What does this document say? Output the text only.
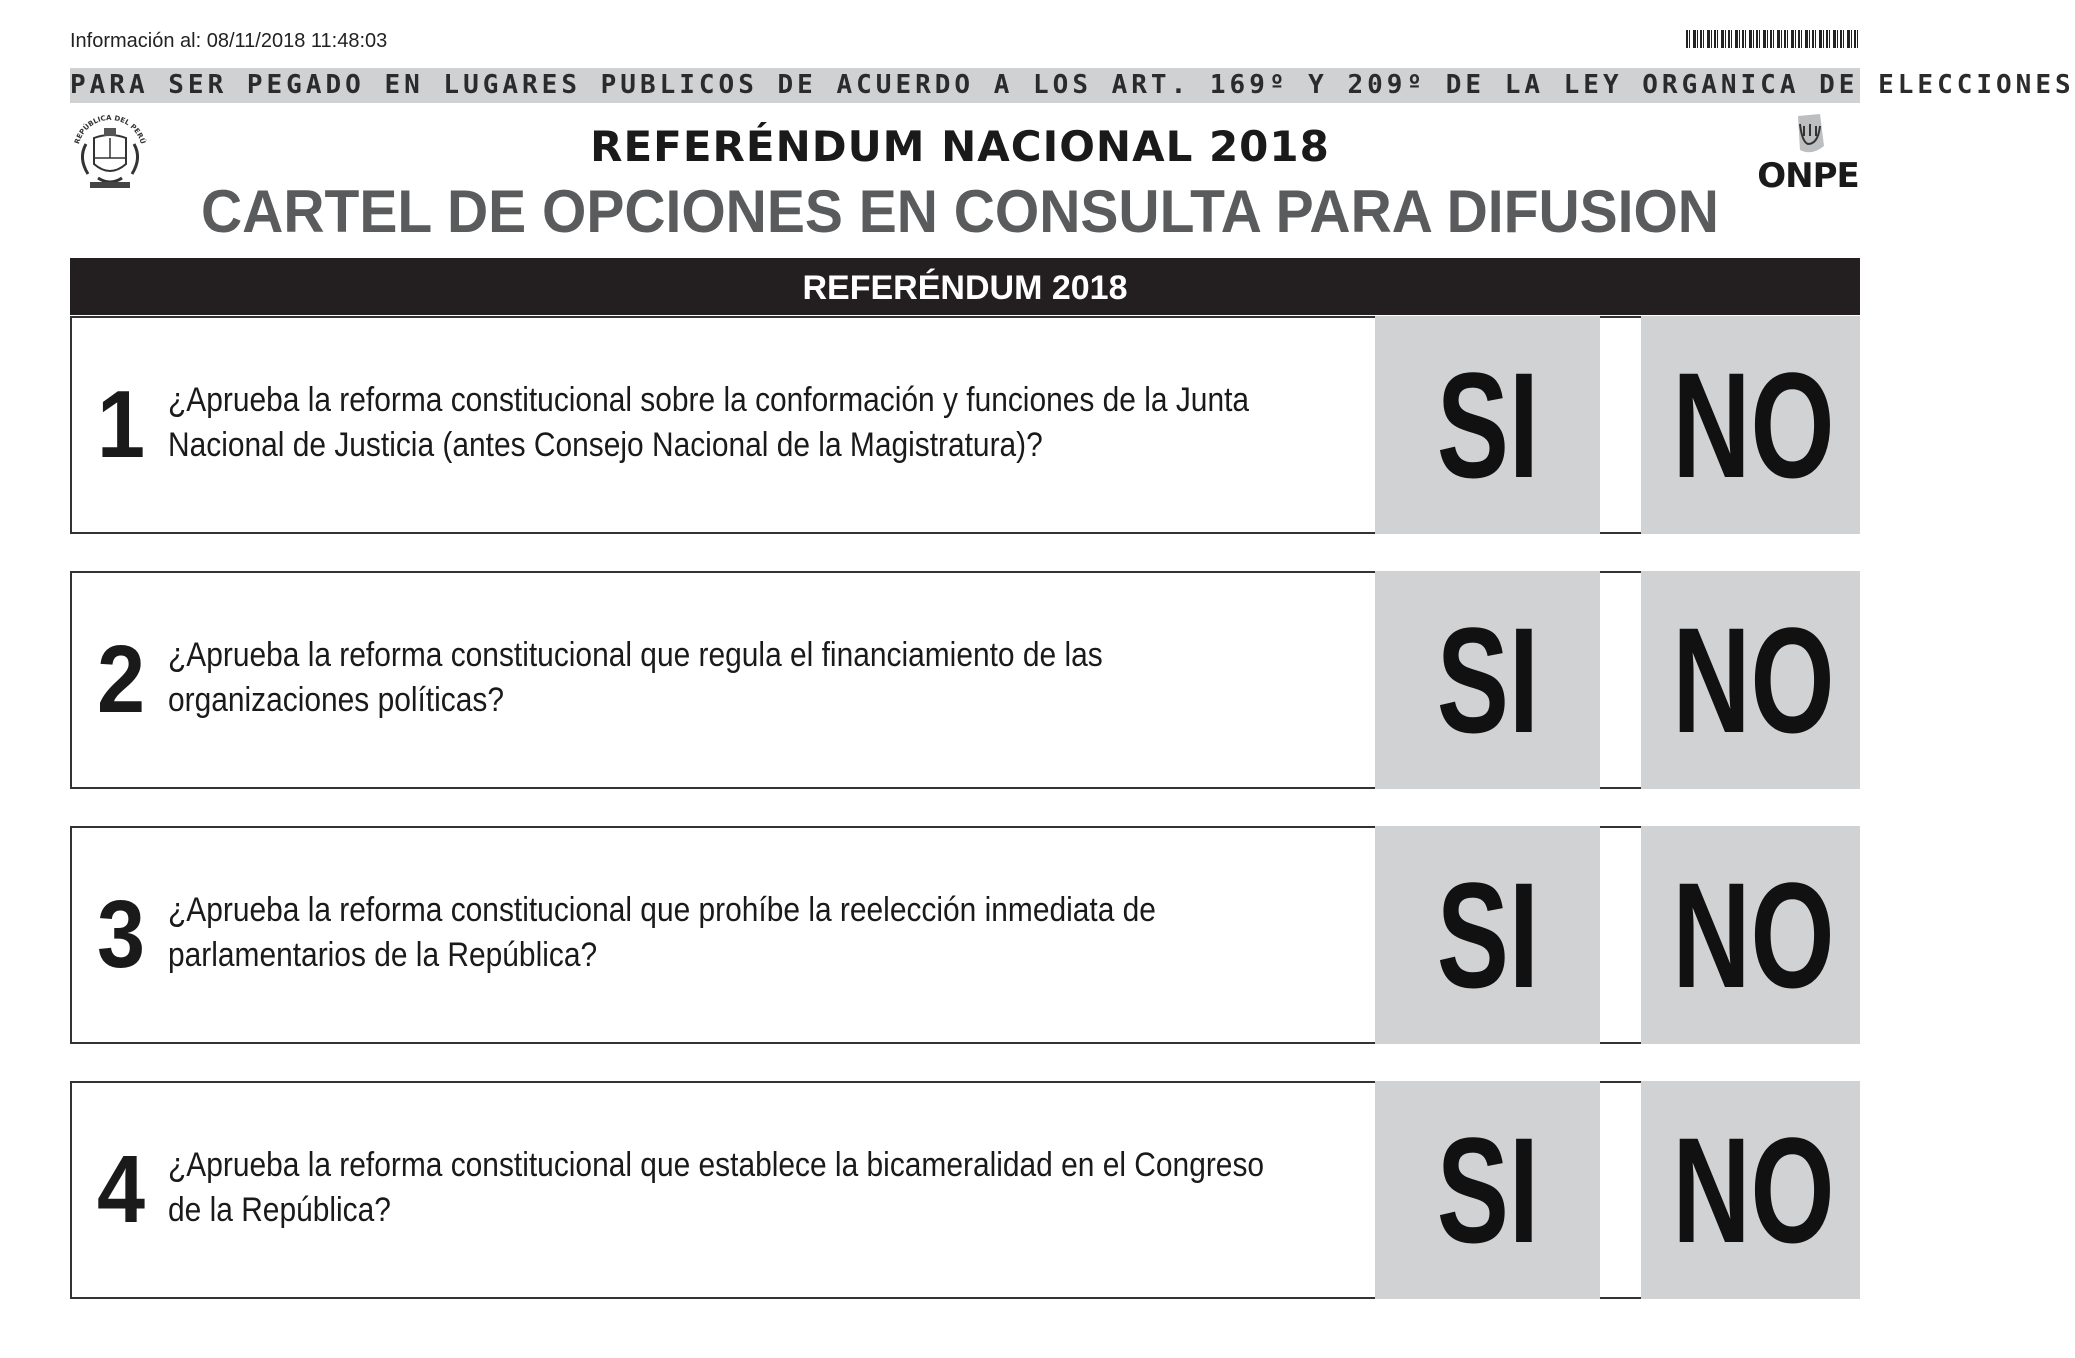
Información al: 08/11/2018 11:48:03
PARA SER PEGADO EN LUGARES PUBLICOS DE ACUERDO A LOS ART. 169º Y 209º DE LA LEY ORGANICA DE ELECCIONES
REPÚBLICA DEL PERÚ
ONPE
REFERÉNDUM NACIONAL 2018
CARTEL DE OPCIONES EN CONSULTA PARA DIFUSION
REFERÉNDUM 2018
1 ¿Aprueba la reforma constitucional sobre la conformación y funciones de la Junta
Nacional de Justicia (antes Consejo Nacional de la Magistratura)?	SI NO
2 ¿Aprueba la reforma constitucional que regula el financiamiento de las
organizaciones políticas?	SI NO
3 ¿Aprueba la reforma constitucional que prohíbe la reelección inmediata de
parlamentarios de la República?	SI NO
4 ¿Aprueba la reforma constitucional que establece la bicameralidad en el Congreso
de la República?	SI NO
